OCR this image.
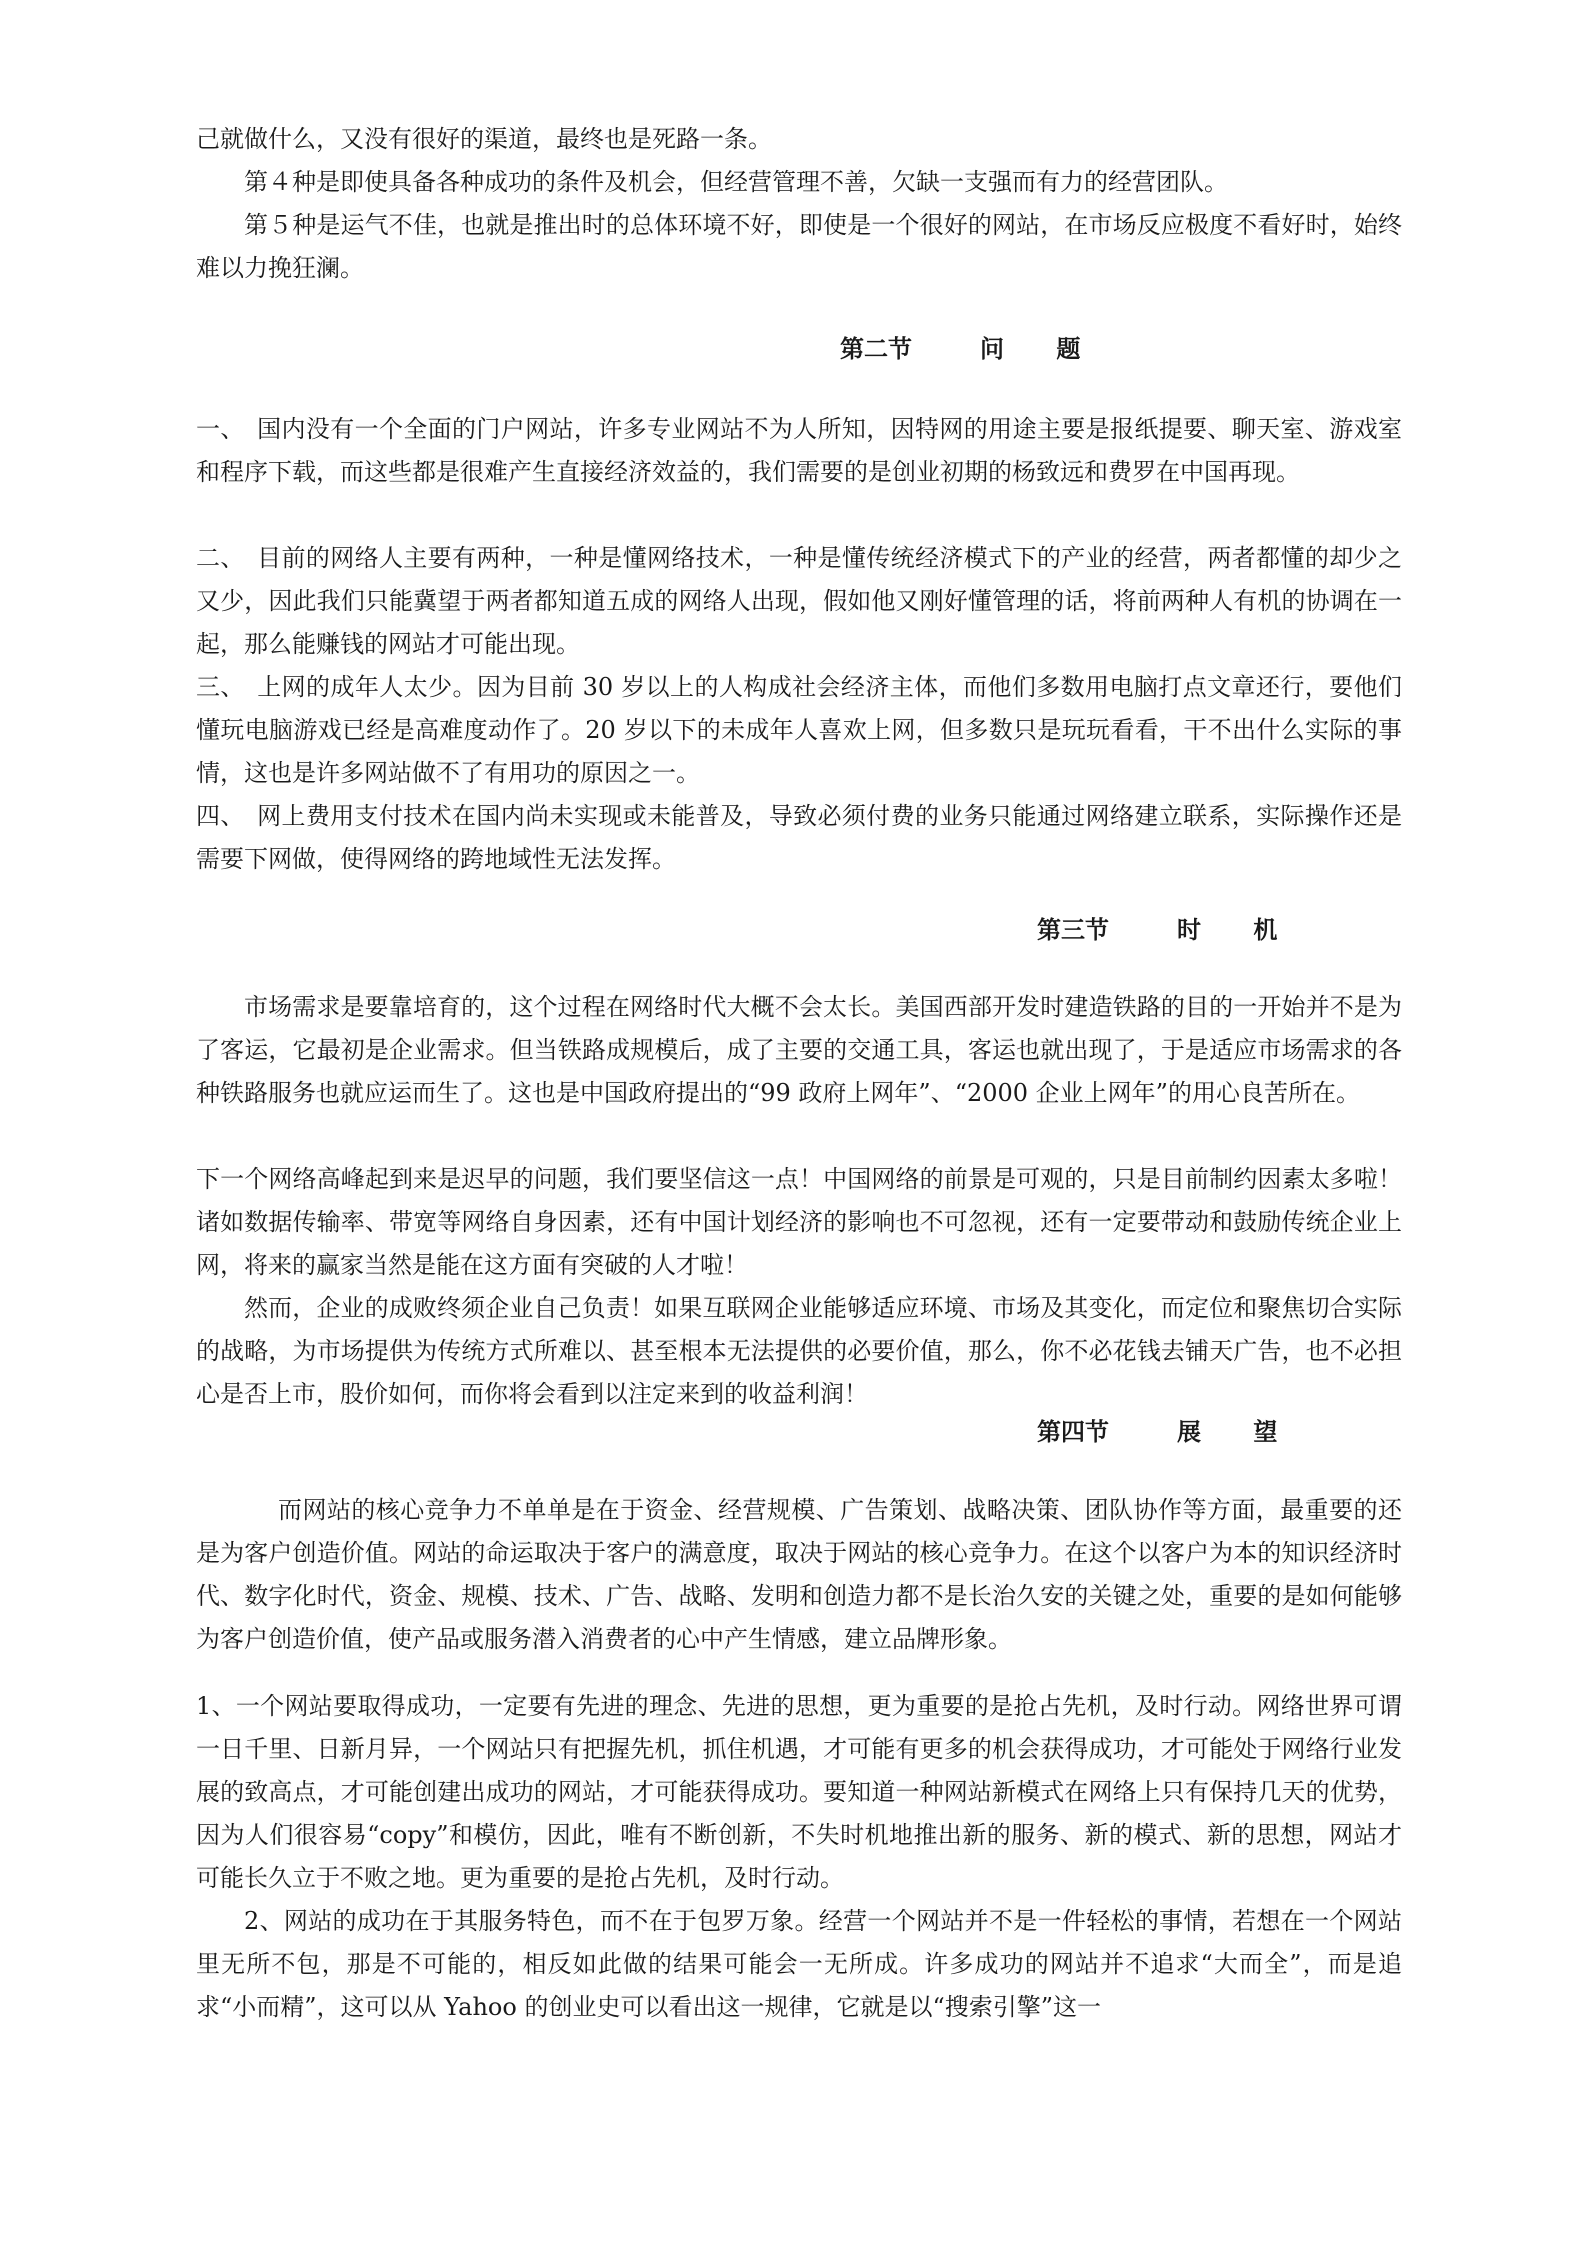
己就做什么，又没有很好的渠道，最终也是死路一条。

第４种是即使具备各种成功的条件及机会，但经营管理不善，欠缺一支强而有力的经营团队。

第５种是运气不佳，也就是推出时的总体环境不好，即使是一个很好的网站，在市场反应极度不看好时，始终难以力挽狂澜。

第二节	问 题

一、　国内没有一个全面的门户网站，许多专业网站不为人所知，因特网的用途主要是报纸提要、聊天室、游戏室和程序下载，而这些都是很难产生直接经济效益的，我们需要的是创业初期的杨致远和费罗在中国再现。

二、　目前的网络人主要有两种，一种是懂网络技术，一种是懂传统经济模式下的产业的经营，两者都懂的却少之又少，因此我们只能冀望于两者都知道五成的网络人出现，假如他又刚好懂管理的话，将前两种人有机的协调在一起，那么能赚钱的网站才可能出现。

三、　上网的成年人太少。因为目前 30 岁以上的人构成社会经济主体，而他们多数用电脑打点文章还行，要他们懂玩电脑游戏已经是高难度动作了。20 岁以下的未成年人喜欢上网，但多数只是玩玩看看，干不出什么实际的事情，这也是许多网站做不了有用功的原因之一。

四、　网上费用支付技术在国内尚未实现或未能普及，导致必须付费的业务只能通过网络建立联系，实际操作还是需要下网做，使得网络的跨地域性无法发挥。

第三节	时 机

市场需求是要靠培育的，这个过程在网络时代大概不会太长。美国西部开发时建造铁路的目的一开始并不是为了客运，它最初是企业需求。但当铁路成规模后，成了主要的交通工具，客运也就出现了，于是适应市场需求的各种铁路服务也就应运而生了。这也是中国政府提出的“99 政府上网年”、“2000 企业上网年”的用心良苦所在。

下一个网络高峰起到来是迟早的问题，我们要坚信这一点！中国网络的前景是可观的，只是目前制约因素太多啦！诸如数据传输率、带宽等网络自身因素，还有中国计划经济的影响也不可忽视，还有一定要带动和鼓励传统企业上网，将来的赢家当然是能在这方面有突破的人才啦！

然而，企业的成败终须企业自己负责！如果互联网企业能够适应环境、市场及其变化，而定位和聚焦切合实际的战略，为市场提供为传统方式所难以、甚至根本无法提供的必要价值，那么，你不必花钱去铺天广告，也不必担心是否上市，股价如何，而你将会看到以注定来到的收益利润！

第四节	展 望

而网站的核心竞争力不单单是在于资金、经营规模、广告策划、战略决策、团队协作等方面，最重要的还是为客户创造价值。网站的命运取决于客户的满意度，取决于网站的核心竞争力。在这个以客户为本的知识经济时代、数字化时代，资金、规模、技术、广告、战略、发明和创造力都不是长治久安的关键之处，重要的是如何能够为客户创造价值，使产品或服务潜入消费者的心中产生情感，建立品牌形象。

1、一个网站要取得成功，一定要有先进的理念、先进的思想，更为重要的是抢占先机，及时行动。网络世界可谓一日千里、日新月异，一个网站只有把握先机，抓住机遇，才可能有更多的机会获得成功，才可能处于网络行业发展的致高点，才可能创建出成功的网站，才可能获得成功。要知道一种网站新模式在网络上只有保持几天的优势，因为人们很容易“copy”和模仿，因此，唯有不断创新，不失时机地推出新的服务、新的模式、新的思想，网站才可能长久立于不败之地。更为重要的是抢占先机，及时行动。

2、网站的成功在于其服务特色，而不在于包罗万象。经营一个网站并不是一件轻松的事情，若想在一个网站里无所不包，那是不可能的，相反如此做的结果可能会一无所成。许多成功的网站并不追求“大而全”，而是追求“小而精”，这可以从 Yahoo 的创业史可以看出这一规律，它就是以“搜索引擎”这一
